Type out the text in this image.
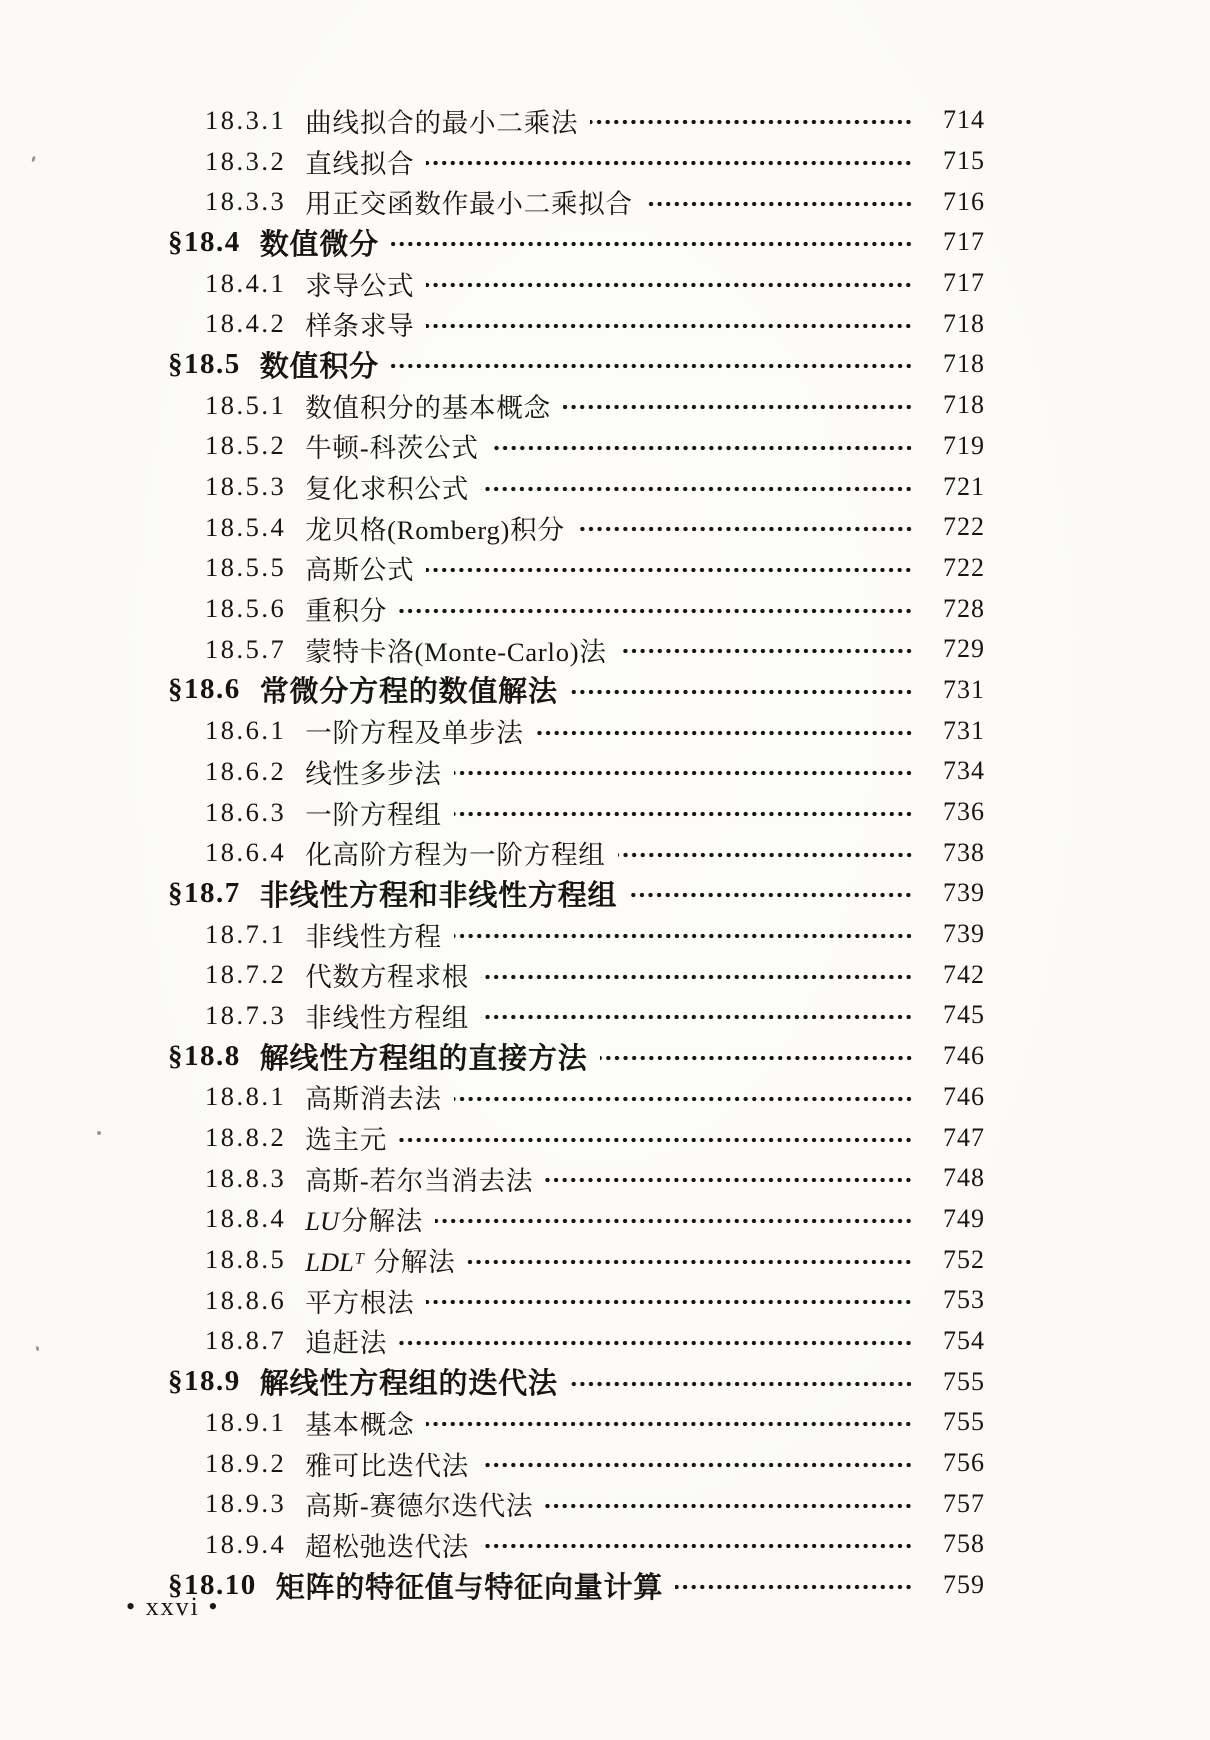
18.3.1 曲线拟合的最小二乘法	714
18.3.2 直线拟合	715
18.3.3 用正交函数作最小二乘拟合	716
§18.4 数值微分	717
18.4.1 求导公式	717
18.4.2 样条求导	718
§18.5 数值积分	718
18.5.1 数值积分的基本概念	718
18.5.2 牛顿-科茨公式	719
18.5.3 复化求积公式	721
18.5.4 龙贝格(Romberg)积分	722
18.5.5 高斯公式	722
18.5.6 重积分	728
18.5.7 蒙特卡洛(Monte-Carlo)法	729
§18.6 常微分方程的数值解法	731
18.6.1 一阶方程及单步法	731
18.6.2 线性多步法	734
18.6.3 一阶方程组	736
18.6.4 化高阶方程为一阶方程组	738
§18.7 非线性方程和非线性方程组	739
18.7.1 非线性方程	739
18.7.2 代数方程求根	742
18.7.3 非线性方程组	745
§18.8 解线性方程组的直接方法	746
18.8.1 高斯消去法	746
18.8.2 选主元	747
18.8.3 高斯-若尔当消去法	748
18.8.4 LU分解法	749
18.8.5 LDLᵀ 分解法	752
18.8.6 平方根法	753
18.8.7 追赶法	754
§18.9 解线性方程组的迭代法	755
18.9.1 基本概念	755
18.9.2 雅可比迭代法	756
18.9.3 高斯-赛德尔迭代法	757
18.9.4 超松弛迭代法	758
§18.10 矩阵的特征值与特征向量计算	759
• xxvi •
